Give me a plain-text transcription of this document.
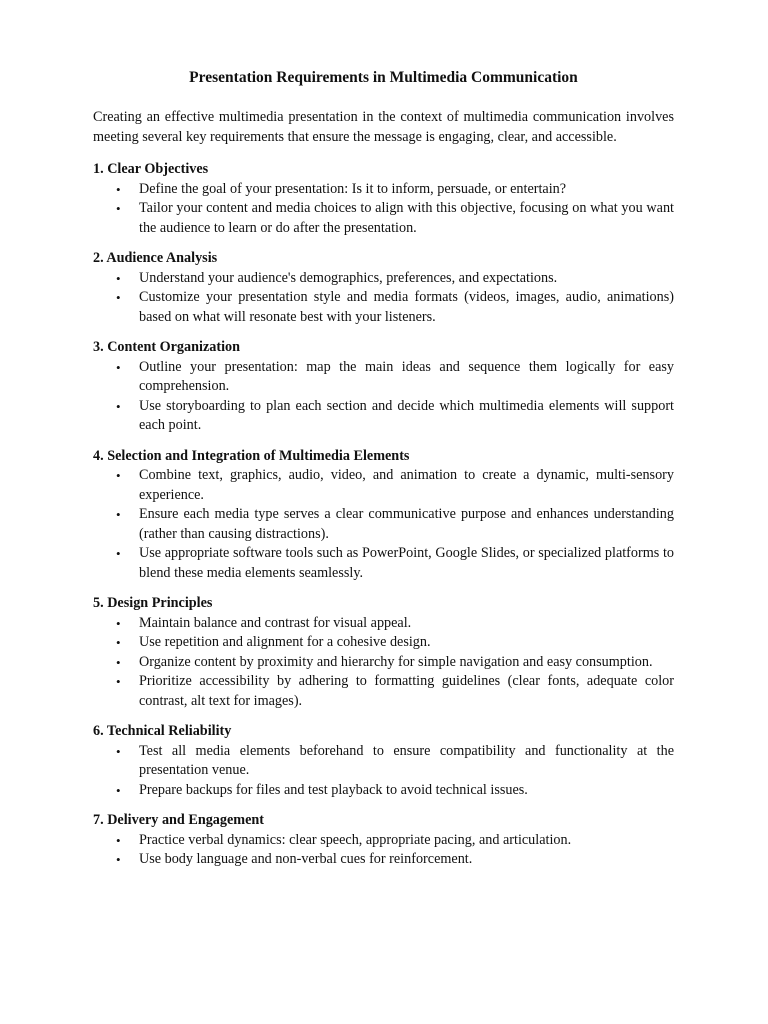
Presentation Requirements in Multimedia Communication

Creating an effective multimedia presentation in the context of multimedia communication involves meeting several key requirements that ensure the message is engaging, clear, and accessible.

1. Clear Objectives

• Define the goal of your presentation: Is it to inform, persuade, or entertain?
• Tailor your content and media choices to align with this objective, focusing on what you want the audience to learn or do after the presentation.

2. Audience Analysis

• Understand your audience's demographics, preferences, and expectations.
• Customize your presentation style and media formats (videos, images, audio, animations) based on what will resonate best with your listeners.

3. Content Organization

• Outline your presentation: map the main ideas and sequence them logically for easy comprehension.
• Use storyboarding to plan each section and decide which multimedia elements will support each point.

4. Selection and Integration of Multimedia Elements

• Combine text, graphics, audio, video, and animation to create a dynamic, multi-sensory experience.
• Ensure each media type serves a clear communicative purpose and enhances understanding (rather than causing distractions).
• Use appropriate software tools such as PowerPoint, Google Slides, or specialized platforms to blend these media elements seamlessly.

5. Design Principles

• Maintain balance and contrast for visual appeal.
• Use repetition and alignment for a cohesive design.
• Organize content by proximity and hierarchy for simple navigation and easy consumption.
• Prioritize accessibility by adhering to formatting guidelines (clear fonts, adequate color contrast, alt text for images).

6. Technical Reliability

• Test all media elements beforehand to ensure compatibility and functionality at the presentation venue.
• Prepare backups for files and test playback to avoid technical issues.

7. Delivery and Engagement

• Practice verbal dynamics: clear speech, appropriate pacing, and articulation.
• Use body language and non-verbal cues for reinforcement.
